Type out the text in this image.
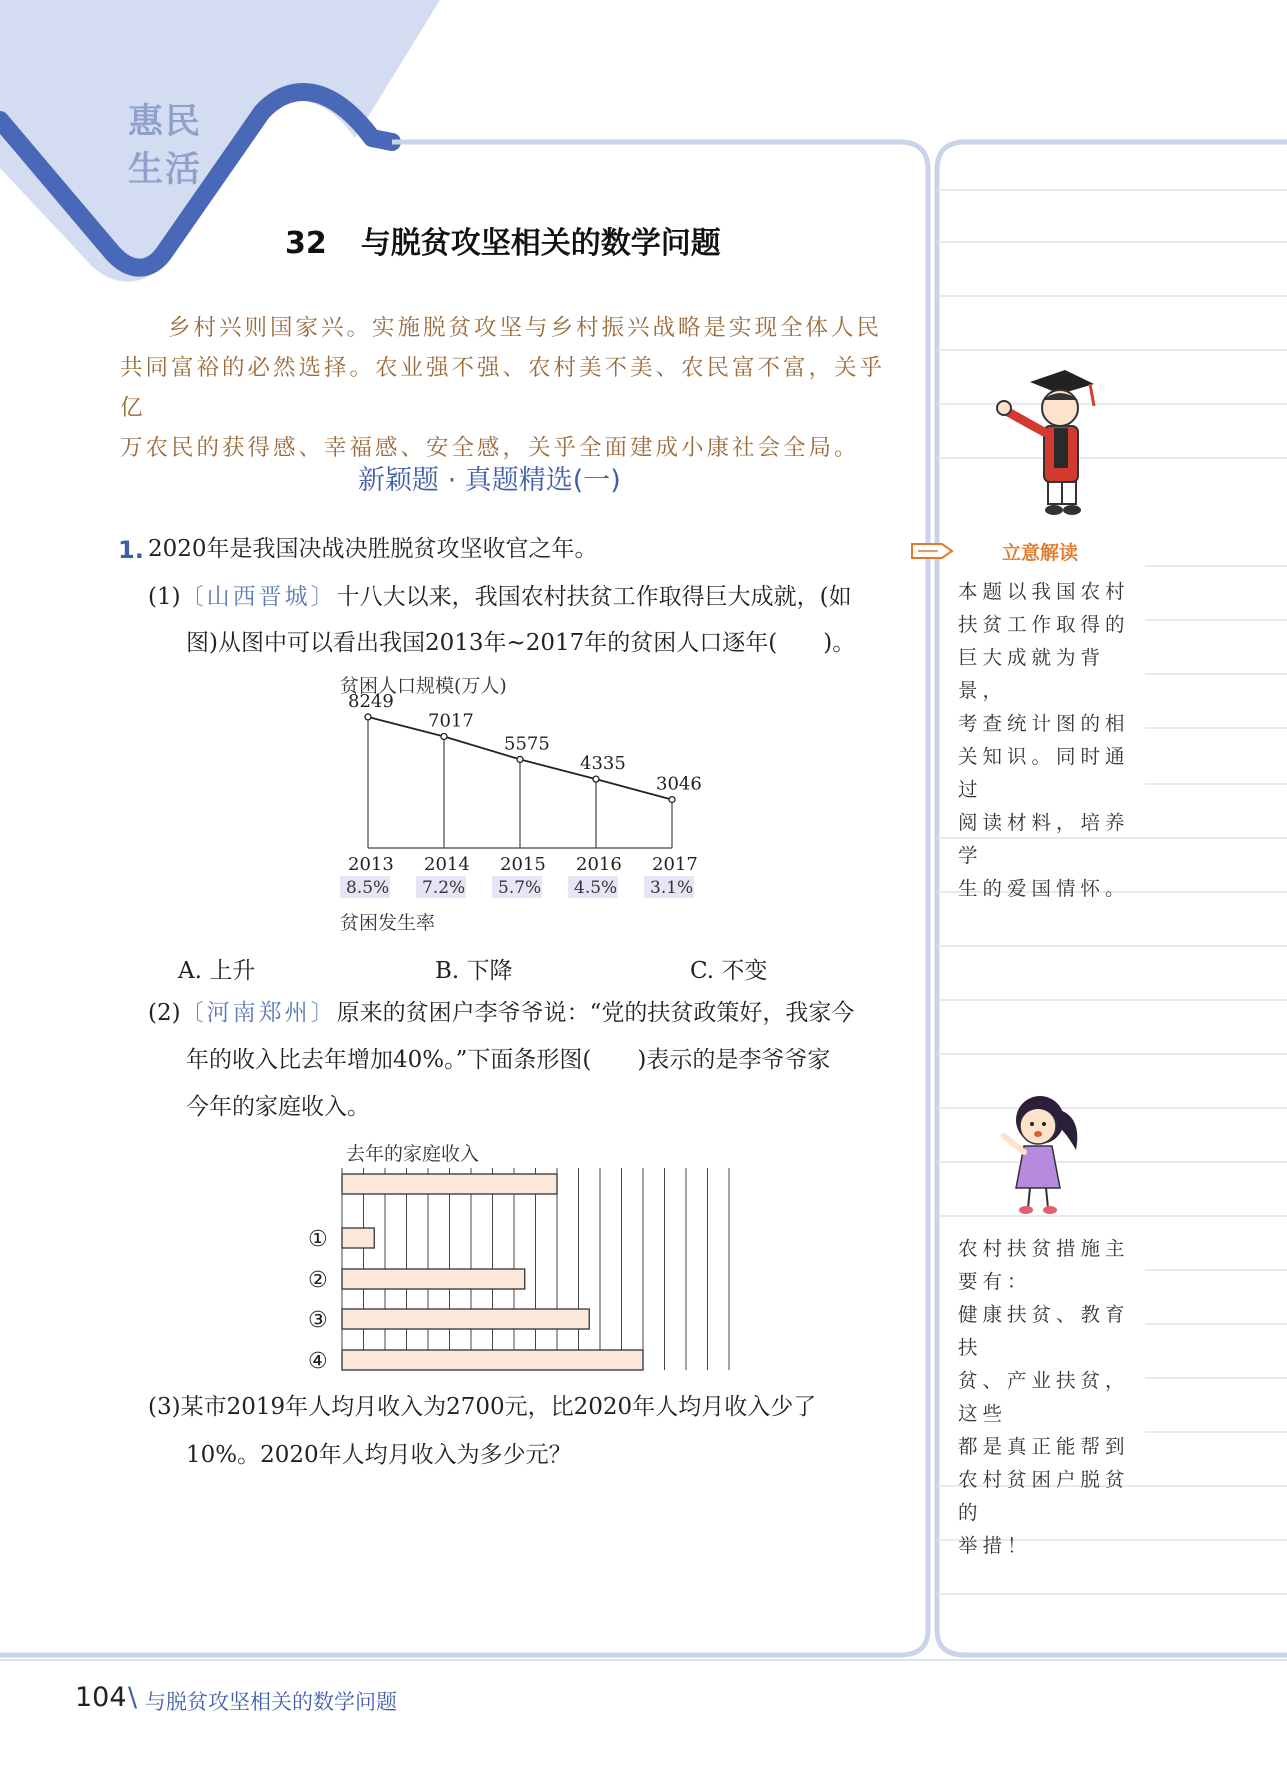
惠民
生活
32 与脱贫攻坚相关的数学问题

乡村兴则国家兴。实施脱贫攻坚与乡村振兴战略是实现全体人民

共同富裕的必然选择。农业强不强、农村美不美、农民富不富，关乎亿
万农民的获得感、幸福感、安全感，关乎全面建成小康社会全局。
新颖题 · 真题精选(一)
1. 2020年是我国决战决胜脱贫攻坚收官之年。
(1)〔山西晋城〕十八大以来，我国农村扶贫工作取得巨大成就，(如
图)从图中可以看出我国2013年~2017年的贫困人口逐年(　　)。
贫困人口规模(万人)
8249
2013
8.5%
7017
2014
7.2%
5575
2015
5.7%
4335
2016
4.5%
3046
2017
3.1%
贫困发生率
A. 上升	B. 下降	C. 不变
(2)〔河南郑州〕原来的贫困户李爷爷说：“党的扶贫政策好，我家今
年的收入比去年增加40%。”下面条形图(　　)表示的是李爷爷家
今年的家庭收入。
去年的家庭收入
①
②
③
④
(3)某市2019年人均月收入为2700元，比2020年人均月收入少了
10%。2020年人均月收入为多少元？
立意解读

本题以我国农村

扶贫工作取得的

巨大成就为背景，

考查统计图的相

关知识。同时通过

阅读材料，培养学

生的爱国情怀。

农村扶贫措施主

要有：

健康扶贫、教育扶

贫、产业扶贫，这些

都是真正能帮到

农村贫困户脱贫的

举措！

104 \ 与脱贫攻坚相关的数学问题
